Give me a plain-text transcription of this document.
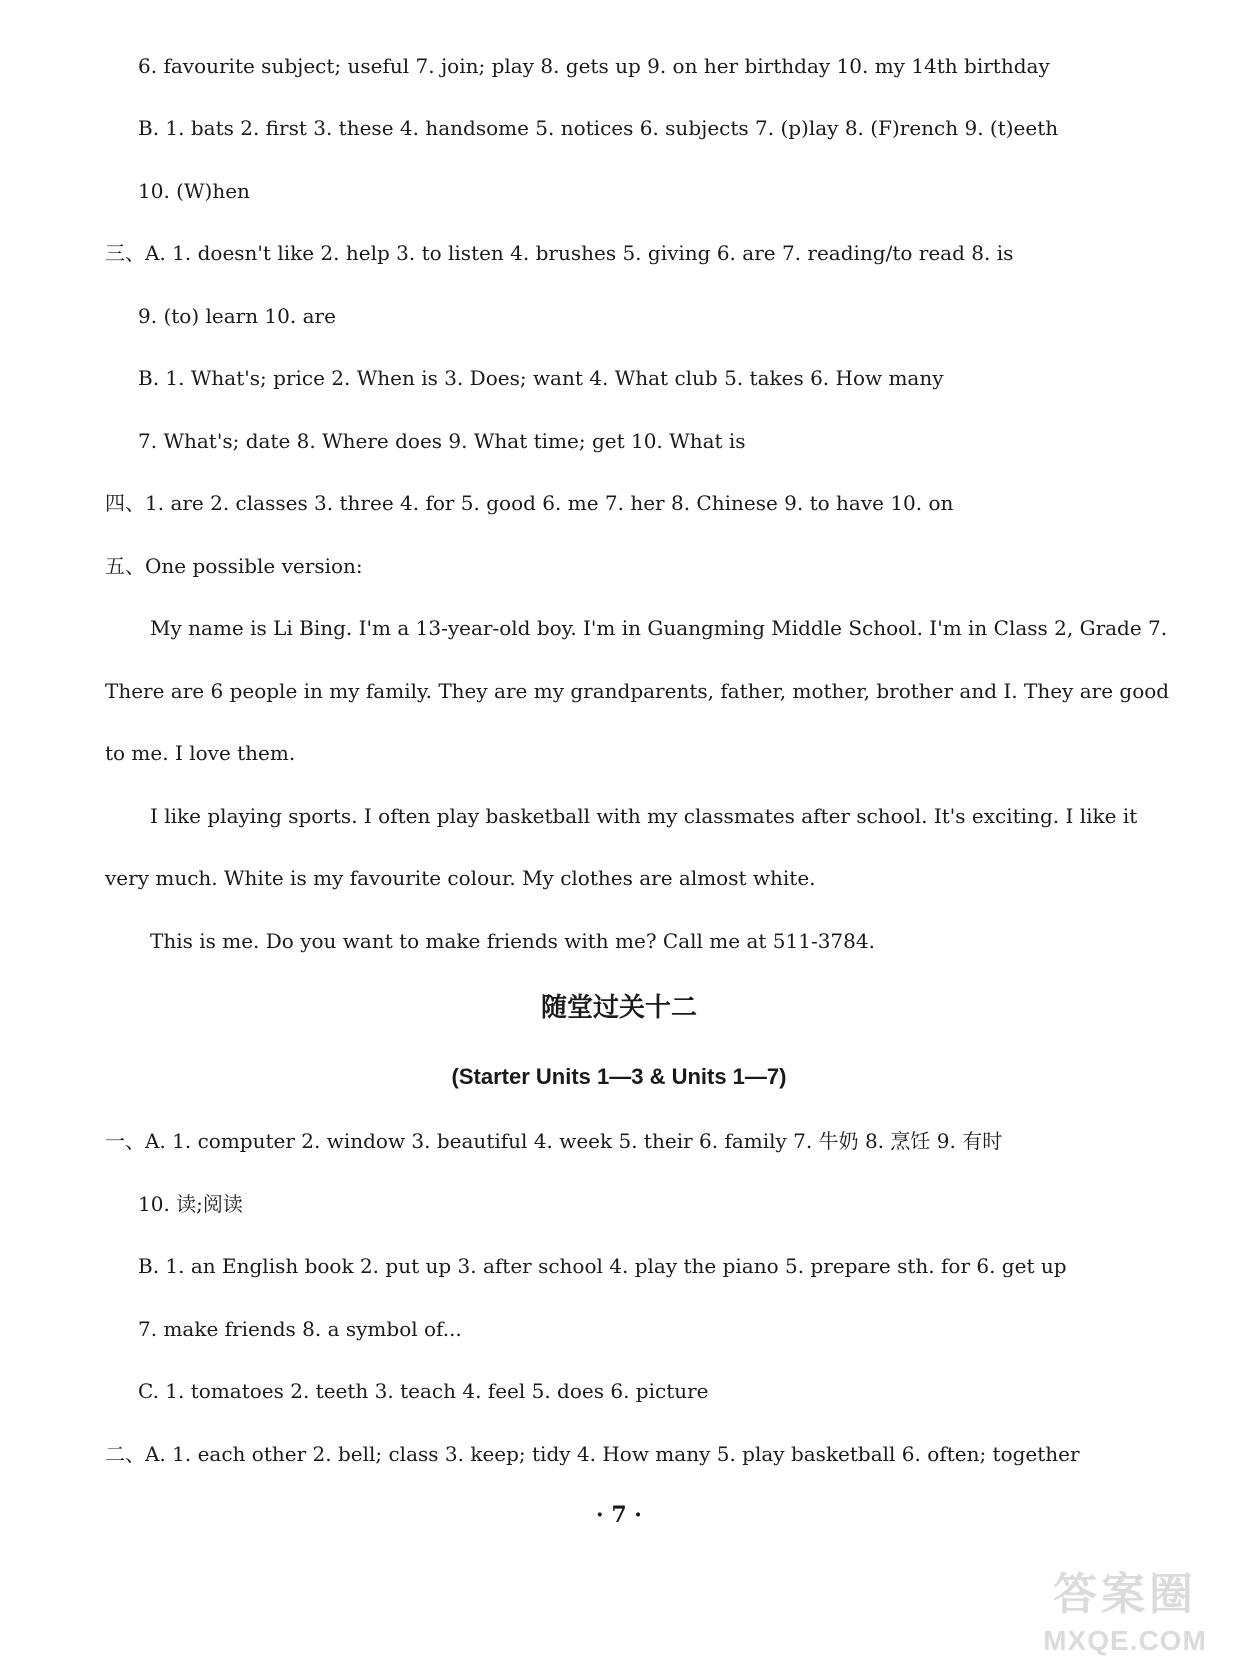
6. favourite subject; useful 7. join; play 8. gets up 9. on her birthday 10. my 14th birthday
B. 1. bats 2. first 3. these 4. handsome 5. notices 6. subjects 7. (p)lay 8. (F)rench 9. (t)eeth
10. (W)hen
三、A. 1. doesn't like 2. help 3. to listen 4. brushes 5. giving 6. are 7. reading/to read 8. is
9. (to) learn 10. are
B. 1. What's; price 2. When is 3. Does; want 4. What club 5. takes 6. How many
7. What's; date 8. Where does 9. What time; get 10. What is
四、1. are 2. classes 3. three 4. for 5. good 6. me 7. her 8. Chinese 9. to have 10. on
五、One possible version:
My name is Li Bing. I'm a 13-year-old boy. I'm in Guangming Middle School. I'm in Class 2, Grade 7.
There are 6 people in my family. They are my grandparents, father, mother, brother and I. They are good
to me. I love them.
I like playing sports. I often play basketball with my classmates after school. It's exciting. I like it
very much. White is my favourite colour. My clothes are almost white.
This is me. Do you want to make friends with me? Call me at 511-3784.
随堂过关十二
(Starter Units 1—3 & Units 1—7)
一、A. 1. computer 2. window 3. beautiful 4. week 5. their 6. family 7. 牛奶 8. 烹饪 9. 有时
10. 读;阅读
B. 1. an English book 2. put up 3. after school 4. play the piano 5. prepare sth. for 6. get up
7. make friends 8. a symbol of...
C. 1. tomatoes 2. teeth 3. teach 4. feel 5. does 6. picture
二、A. 1. each other 2. bell; class 3. keep; tidy 4. How many 5. play basketball 6. often; together
· 7 ·
答案圈
MXQE.COM
